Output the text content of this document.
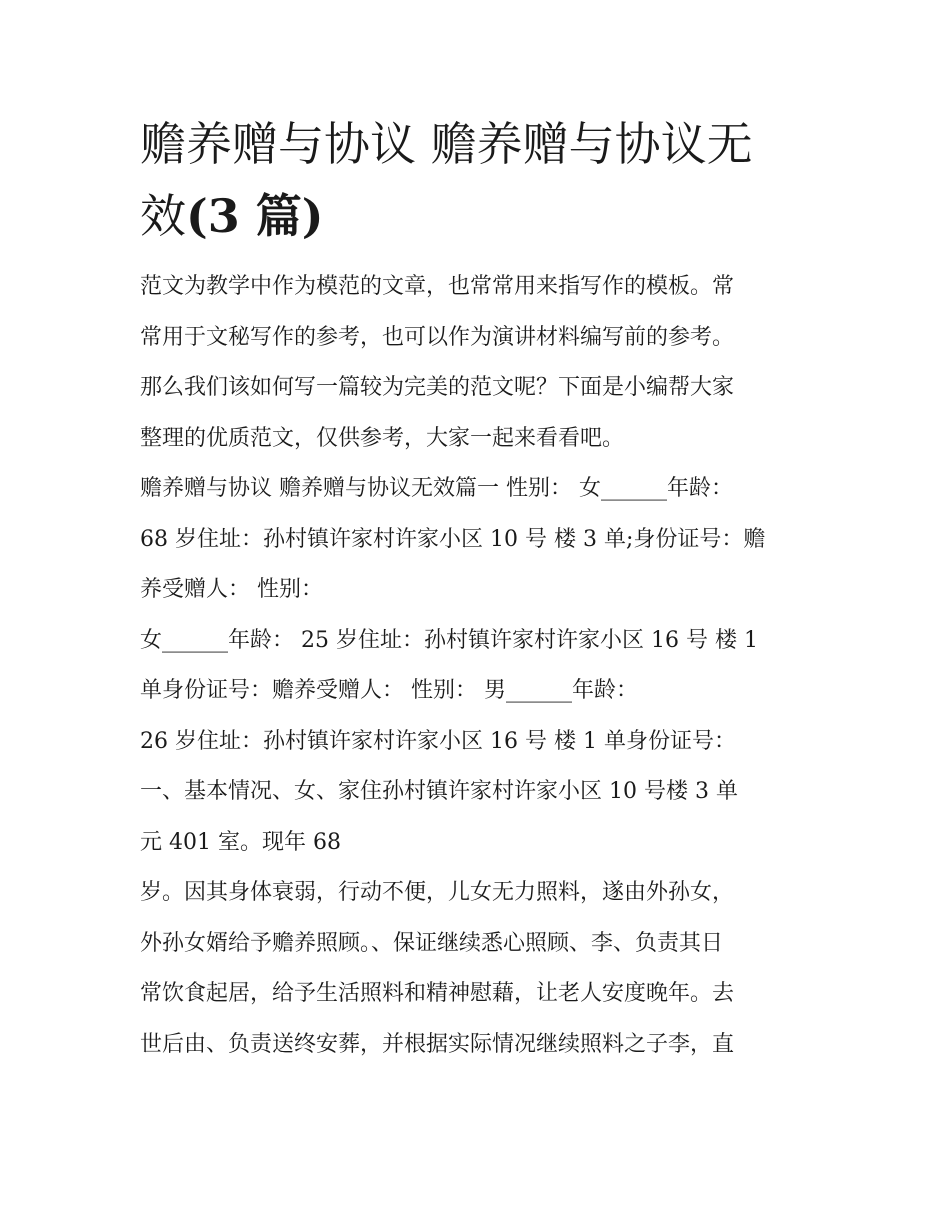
赡养赠与协议 赡养赠与协议无
效(3 篇)

范文为教学中作为模范的文章，也常常用来指写作的模板。常

常用于文秘写作的参考，也可以作为演讲材料编写前的参考。

那么我们该如何写一篇较为完美的范文呢？下面是小编帮大家

整理的优质范文，仅供参考，大家一起来看看吧。

赡养赠与协议 赡养赠与协议无效篇一 性别： 女______年龄：

68 岁住址：孙村镇许家村许家小区 10 号 楼 3 单;身份证号：赡

养受赠人： 性别：

女______年龄： 25 岁住址：孙村镇许家村许家小区 16 号 楼 1

单身份证号：赡养受赠人： 性别： 男______年龄：

26 岁住址：孙村镇许家村许家小区 16 号 楼 1 单身份证号：

一、基本情况、女、家住孙村镇许家村许家小区 10 号楼 3 单

元 401 室。现年 68

岁。因其身体衰弱，行动不便，儿女无力照料，遂由外孙女，

外孙女婿给予赡养照顾。、保证继续悉心照顾、李、负责其日

常饮食起居，给予生活照料和精神慰藉，让老人安度晚年。去

世后由、负责送终安葬，并根据实际情况继续照料之子李，直
